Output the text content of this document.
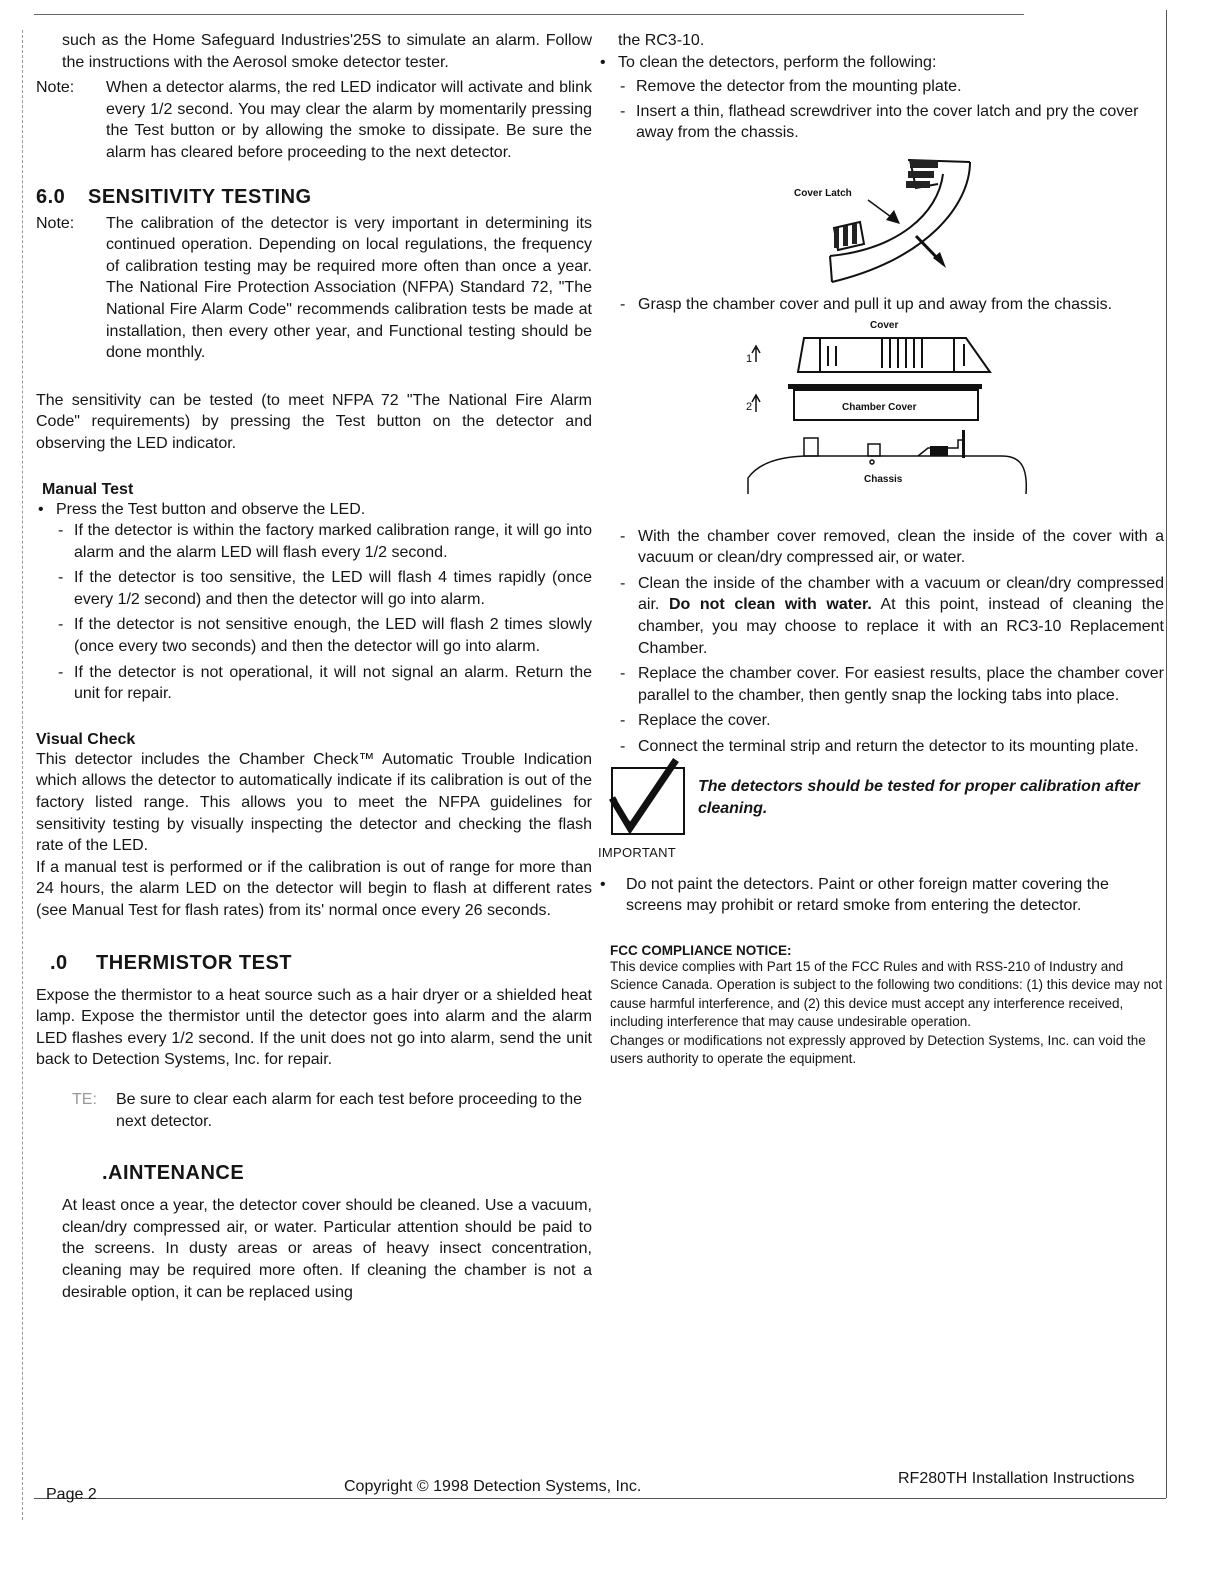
such as the Home Safeguard Industries'25S to simulate an alarm. Follow the instructions with the Aerosol smoke detector tester.

Note:	When a detector alarms, the red LED indicator will activate and blink every 1/2 second. You may clear the alarm by momentarily pressing the Test button or by allowing the smoke to dissipate. Be sure the alarm has cleared before proceeding to the next detector.
6.0 SENSITIVITY TESTING
Note:	The calibration of the detector is very important in determining its continued operation. Depending on local regulations, the frequency of calibration testing may be required more often than once a year. The National Fire Protection Association (NFPA) Standard 72, "The National Fire Alarm Code" recommends calibration tests be made at installation, then every other year, and Functional testing should be done monthly.

The sensitivity can be tested (to meet NFPA 72 "The National Fire Alarm Code" requirements) by pressing the Test button on the detector and observing the LED indicator.

Manual Test
• Press the Test button and observe the LED.
- If the detector is within the factory marked calibration range, it will go into alarm and the alarm LED will flash every 1/2 second.
- If the detector is too sensitive, the LED will flash 4 times rapidly (once every 1/2 second) and then the detector will go into alarm.
- If the detector is not sensitive enough, the LED will flash 2 times slowly (once every two seconds) and then the detector will go into alarm.
- If the detector is not operational, it will not signal an alarm. Return the unit for repair.
Visual Check

This detector includes the Chamber Check™ Automatic Trouble Indication which allows the detector to automatically indicate if its calibration is out of the factory listed range. This allows you to meet the NFPA guidelines for sensitivity testing by visually inspecting the detector and checking the flash rate of the LED.

If a manual test is performed or if the calibration is out of range for more than 24 hours, the alarm LED on the detector will begin to flash at different rates (see Manual Test for flash rates) from its' normal once every 26 seconds.

.0 THERMISTOR TEST

Expose the thermistor to a heat source such as a hair dryer or a shielded heat lamp. Expose the thermistor until the detector goes into alarm and the alarm LED flashes every 1/2 second. If the unit does not go into alarm, send the unit back to Detection Systems, Inc. for repair.

TE:	Be sure to clear each alarm for each test before proceeding to the next detector.
.AINTENANCE

At least once a year, the detector cover should be cleaned. Use a vacuum, clean/dry compressed air, or water. Particular attention should be paid to the screens. In dusty areas or areas of heavy insect concentration, cleaning may be required more often. If cleaning the chamber is not a desirable option, it can be replaced using

the RC3-10.

• To clean the detectors, perform the following:
- Remove the detector from the mounting plate.
- Insert a thin, flathead screwdriver into the cover latch and pry the cover away from the chassis.
Cover Latch
- Grasp the chamber cover and pull it up and away from the chassis.
Cover
1
2	Chamber Cover
Chassis
- With the chamber cover removed, clean the inside of the cover with a vacuum or clean/dry compressed air, or water.
- Clean the inside of the chamber with a vacuum or clean/dry compressed air. Do not clean with water. At this point, instead of cleaning the chamber, you may choose to replace it with an RC3-10 Replacement Chamber.
- Replace the chamber cover. For easiest results, place the chamber cover parallel to the chamber, then gently snap the locking tabs into place.
- Replace the cover.
- Connect the terminal strip and return the detector to its mounting plate.
IMPORTANT
The detectors should be tested for proper calibration after cleaning.
• Do not paint the detectors. Paint or other foreign matter covering the screens may prohibit or retard smoke from entering the detector.
FCC COMPLIANCE NOTICE:

This device complies with Part 15 of the FCC Rules and with RSS-210 of Industry and Science Canada. Operation is subject to the following two conditions: (1) this device may not cause harmful interference, and (2) this device must accept any interference received, including interference that may cause undesirable operation.

Changes or modifications not expressly approved by Detection Systems, Inc. can void the users authority to operate the equipment.

Page 2	Copyright © 1998 Detection Systems, Inc.	RF280TH Installation Instructions
